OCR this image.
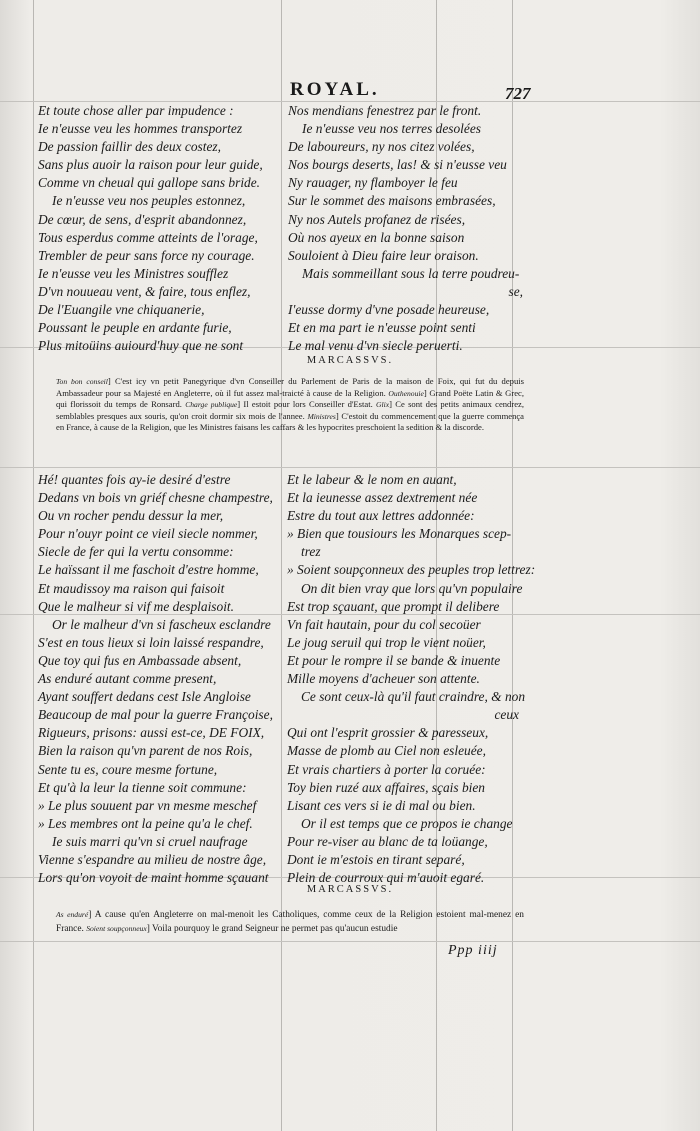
ROYAL.	727
Et toute chose aller par impudence :
Ie n'eusse veu les hommes transportez
De passion faillir des deux costez,
Sans plus auoir la raison pour leur guide,
Comme vn cheual qui gallope sans bride.
Ie n'eusse veu nos peuples estonnez,
De cœur, de sens, d'esprit abandonnez,
Tous esperdus comme atteints de l'orage,
Trembler de peur sans force ny courage.
Ie n'eusse veu les Ministres soufflez
D'vn nouueau vent, & faire, tous enflez,
De l'Euangile vne chiquanerie,
Poussant le peuple en ardante furie,
Plus mitoüins auiourd'huy que ne sont
Nos mendians fenestrez par le front.
Ie n'eusse veu nos terres desolées
De laboureurs, ny nos citez volées,
Nos bourgs deserts, las! & si n'eusse veu
Ny rauager, ny flamboyer le feu
Sur le sommet des maisons embrasées,
Ny nos Autels profanez de risées,
Où nos ayeux en la bonne saison
Souloient à Dieu faire leur oraison.
Mais sommeillant sous la terre poudreu-
se,
I'eusse dormy d'vne posade heureuse,
Et en ma part ie n'eusse point senti
Le mal venu d'vn siecle peruerti.
MARCASSVS.
Ton bon conseil] C'est icy vn petit Panegyrique d'vn Conseiller du Parlement de Paris de la maison de Foix, qui fut du depuis Ambassadeur pour sa Majesté en Angleterre, où il fut assez mal-traicté à cause de la Religion. Outhenouie] Grand Poëte Latin & Grec, qui florissoit du temps de Ronsard. Charge publique] Il estoit pour lors Conseiller d'Estat. Glix] Ce sont des petits animaux cendrez, semblables presques aux souris, qu'on croit dormir six mois de l'annee. Ministres] C'estoit du commencement que la guerre commença en France, à cause de la Religion, que les Ministres faisans les caffars & les hypocrites preschoient la sedition & la discorde.
Hé! quantes fois ay-ie desiré d'estre
Dedans vn bois vn griéf chesne champestre,
Ou vn rocher pendu dessur la mer,
Pour n'ouyr point ce vieil siecle nommer,
Siecle de fer qui la vertu consomme:
Le haïssant il me faschoit d'estre homme,
Et maudissoy ma raison qui faisoit
Que le malheur si vif me desplaisoit.
Or le malheur d'vn si fascheux esclandre
S'est en tous lieux si loin laissé respandre,
Que toy qui fus en Ambassade absent,
As enduré autant comme present,
Ayant souffert dedans cest Isle Angloise
Beaucoup de mal pour la guerre Françoise,
Rigueurs, prisons: aussi est-ce, DE FOIX,
Bien la raison qu'vn parent de nos Rois,
Sente tu es, coure mesme fortune,
Et qu'à la leur la tienne soit commune:
» Le plus souuent par vn mesme meschef
» Les membres ont la peine qu'a le chef.
Ie suis marri qu'vn si cruel naufrage
Vienne s'espandre au milieu de nostre âge,
Lors qu'on voyoit de maint homme sçauant
Et le labeur & le nom en auant,
Et la ieunesse assez dextrement née
Estre du tout aux lettres addonnée:
» Bien que tousiours les Monarques scep-
trez
» Soient soupçonneux des peuples trop lettrez:
On dit bien vray que lors qu'vn populaire
Est trop sçauant, que prompt il delibere
Vn fait hautain, pour du col secoüer
Le joug seruil qui trop le vient noüer,
Et pour le rompre il se bande & inuente
Mille moyens d'acheuer son attente.
Ce sont ceux-là qu'il faut craindre, & non
ceux
Qui ont l'esprit grossier & paresseux,
Masse de plomb au Ciel non esleuée,
Et vrais chartiers à porter la coruée:
Toy bien ruzé aux affaires, sçais bien
Lisant ces vers si ie di mal ou bien.
Or il est temps que ce propos ie change
Pour re-viser au blanc de ta loüange,
Dont ie m'estois en tirant separé,
Plein de courroux qui m'auoit egaré.
MARCASSVS.
As enduré] A cause qu'en Angleterre on mal-menoit les Catholiques, comme ceux de la Religion estoient mal-menez en France. Soient soupçonneux] Voila pourquoy le grand Seigneur ne permet pas qu'aucun estudie
Ppp iiij
